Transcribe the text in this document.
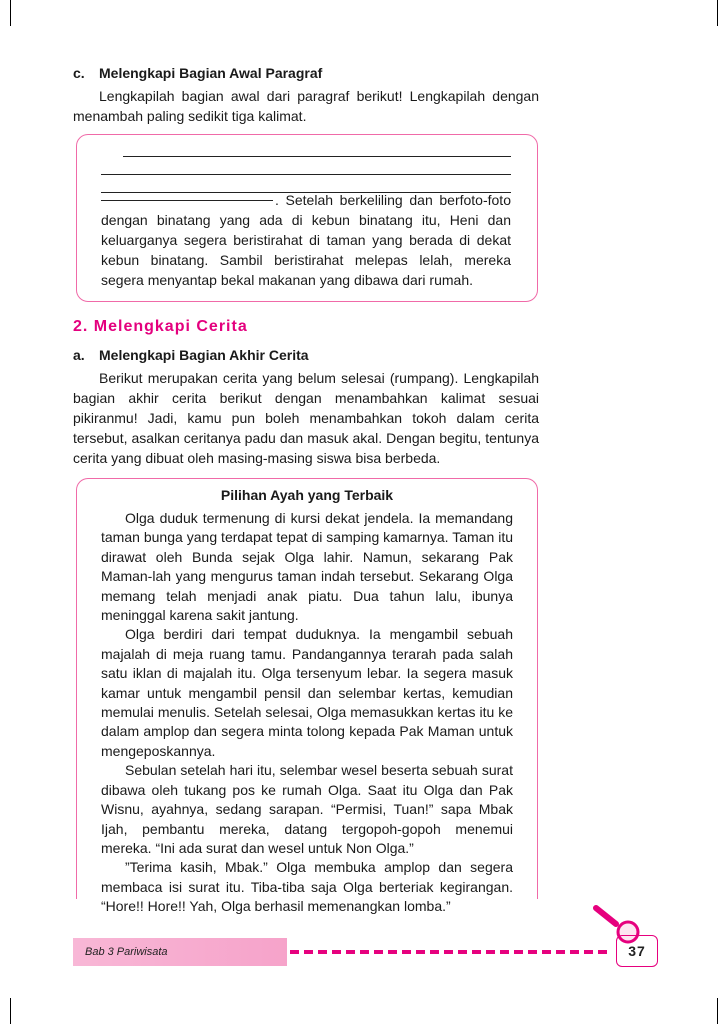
c. Melengkapi Bagian Awal Paragraf

Lengkapilah bagian awal dari paragraf berikut! Lengkapilah dengan menambah paling sedikit tiga kalimat.

. Setelah berkeliling dan berfoto-foto dengan binatang yang ada di kebun binatang itu, Heni dan keluarganya segera beristirahat di taman yang berada di dekat kebun binatang. Sambil beristirahat melepas lelah, mereka segera menyantap bekal makanan yang dibawa dari rumah.
2. Melengkapi Cerita
a. Melengkapi Bagian Akhir Cerita

Berikut merupakan cerita yang belum selesai (rumpang). Lengkapilah bagian akhir cerita berikut dengan menambahkan kalimat sesuai pikiranmu! Jadi, kamu pun boleh menambahkan tokoh dalam cerita tersebut, asalkan ceritanya padu dan masuk akal. Dengan begitu, tentunya cerita yang dibuat oleh masing-masing siswa bisa berbeda.

Pilihan Ayah yang Terbaik

Olga duduk termenung di kursi dekat jendela. Ia memandang taman bunga yang terdapat tepat di samping kamarnya. Taman itu dirawat oleh Bunda sejak Olga lahir. Namun, sekarang Pak Maman-lah yang mengurus taman indah tersebut. Sekarang Olga memang telah menjadi anak piatu. Dua tahun lalu, ibunya meninggal karena sakit jantung.

Olga berdiri dari tempat duduknya. Ia mengambil sebuah majalah di meja ruang tamu. Pandangannya terarah pada salah satu iklan di majalah itu. Olga tersenyum lebar. Ia segera masuk kamar untuk mengambil pensil dan selembar kertas, kemudian memulai menulis. Setelah selesai, Olga memasukkan kertas itu ke dalam amplop dan segera minta tolong kepada Pak Maman untuk mengeposkannya.

Sebulan setelah hari itu, selembar wesel beserta sebuah surat dibawa oleh tukang pos ke rumah Olga. Saat itu Olga dan Pak Wisnu, ayahnya, sedang sarapan. “Permisi, Tuan!” sapa Mbak Ijah, pembantu mereka, datang tergopoh-gopoh menemui mereka. “Ini ada surat dan wesel untuk Non Olga.”

”Terima kasih, Mbak.” Olga membuka amplop dan segera membaca isi surat itu. Tiba-tiba saja Olga berteriak kegirangan. “Hore!! Hore!! Yah, Olga berhasil memenangkan lomba.”

Bab 3 Pariwisata	37
